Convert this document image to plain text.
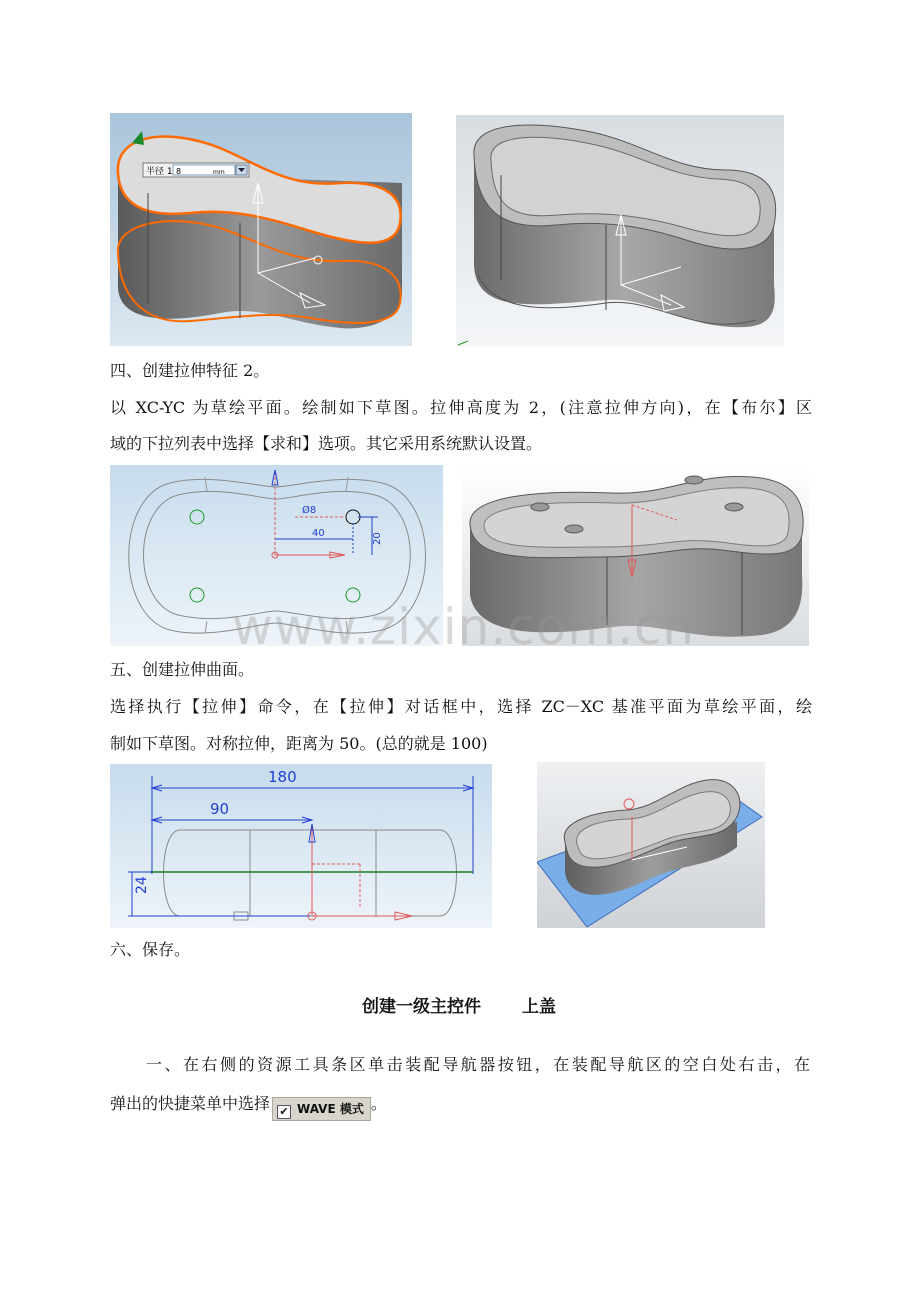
半径 1 8	mm
四、创建拉伸特征 2。
以 XC-YC 为草绘平面。绘制如下草图。拉伸高度为 2，(注意拉伸方向)，在【布尔】区
域的下拉列表中选择【求和】选项。其它采用系统默认设置。
Ø8
40	20
www.zixin.com.cn
五、创建拉伸曲面。
选择执行【拉伸】命令，在【拉伸】对话框中，选择 ZC－XC 基准平面为草绘平面，绘
制如下草图。对称拉伸，距离为 50。(总的就是 100)
180
90
24
六、保存。
创建一级主控件 上盖
一、在右侧的资源工具条区单击装配导航器按钮，在装配导航区的空白处右击，在
弹出的快捷菜单中选择 ✔ WAVE 模式 。
